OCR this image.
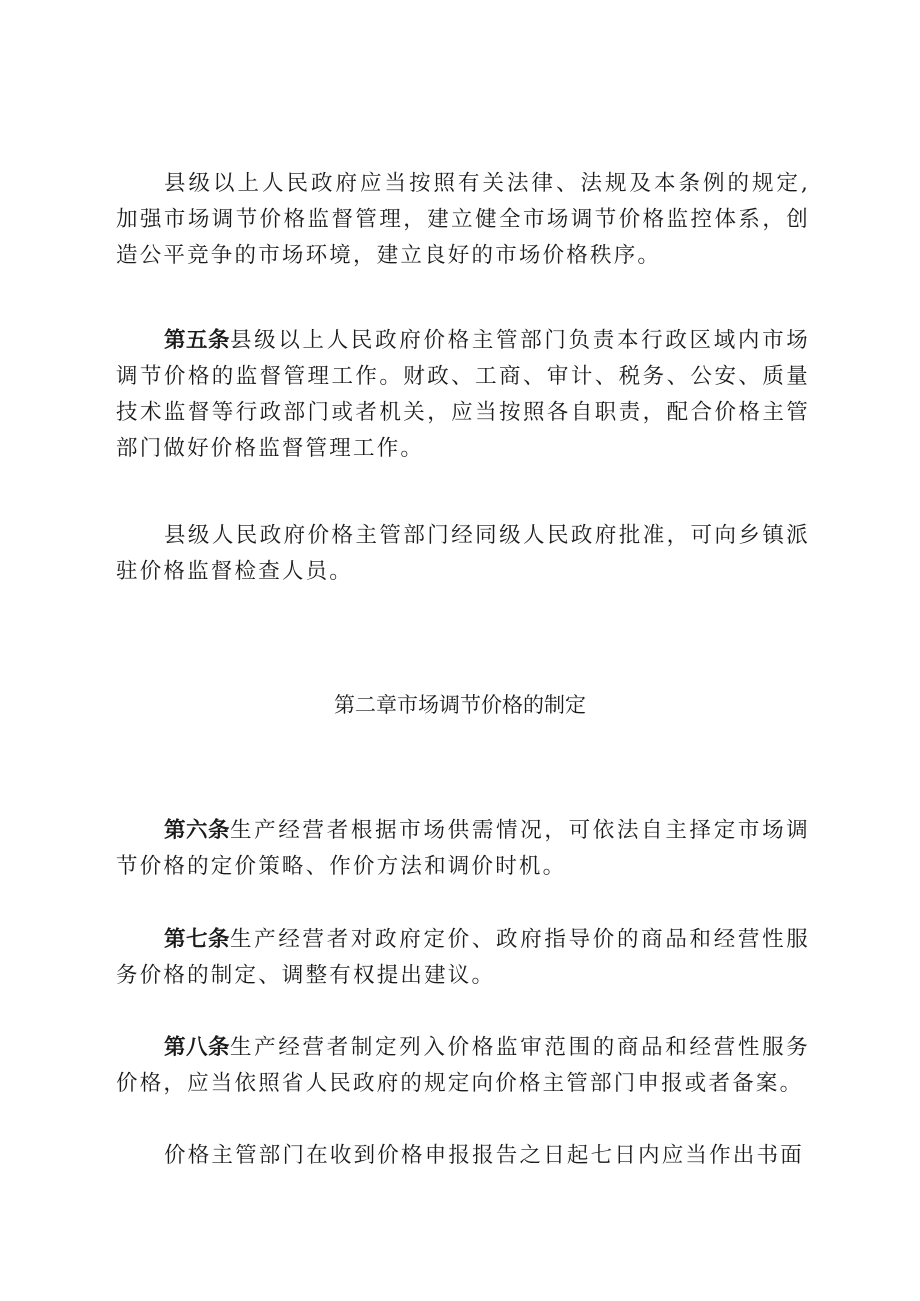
县级以上人民政府应当按照有关法律、法规及本条例的规定,加强市场调节价格监督管理，建立健全市场调节价格监控体系，创造公平竞争的市场环境，建立良好的市场价格秩序。

第五条县级以上人民政府价格主管部门负责本行政区域内市场调节价格的监督管理工作。财政、工商、审计、税务、公安、质量技术监督等行政部门或者机关，应当按照各自职责，配合价格主管部门做好价格监督管理工作。

县级人民政府价格主管部门经同级人民政府批准，可向乡镇派驻价格监督检查人员。

第二章市场调节价格的制定

第六条生产经营者根据市场供需情况，可依法自主择定市场调节价格的定价策略、作价方法和调价时机。

第七条生产经营者对政府定价、政府指导价的商品和经营性服务价格的制定、调整有权提出建议。

第八条生产经营者制定列入价格监审范围的商品和经营性服务价格，应当依照省人民政府的规定向价格主管部门申报或者备案。

价格主管部门在收到价格申报报告之日起七日内应当作出书面
